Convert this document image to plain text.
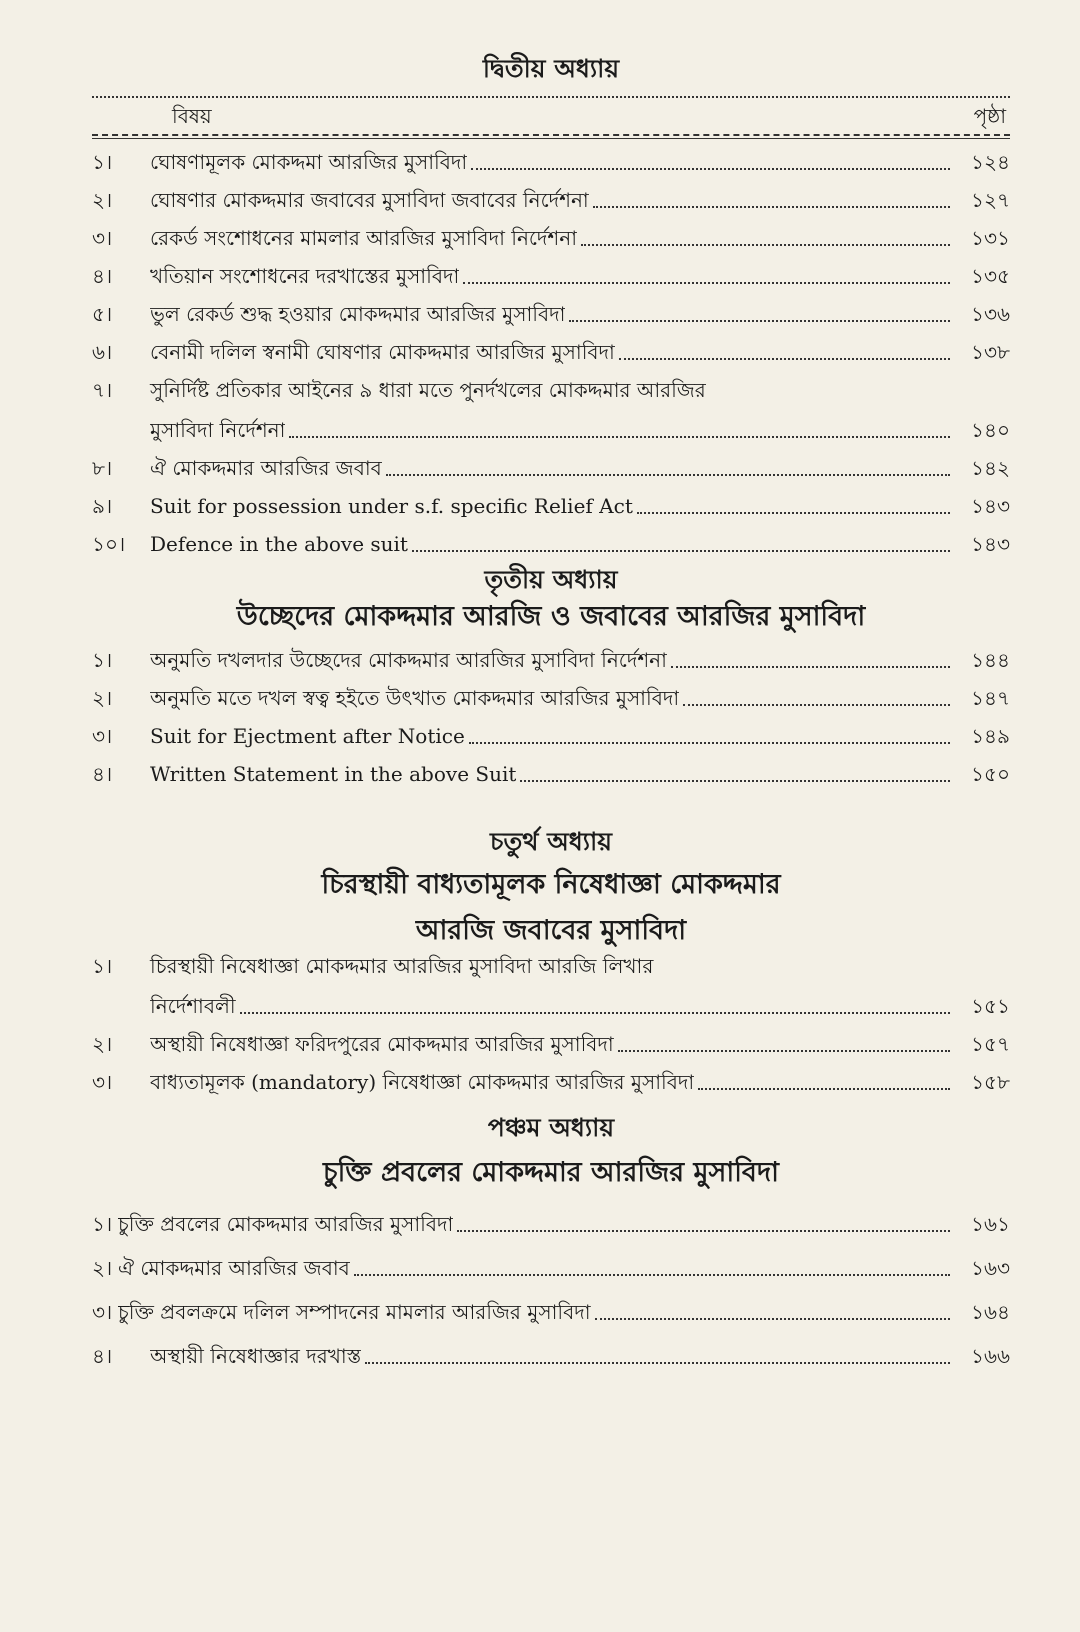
দ্বিতীয় অধ্যায়
বিষয়	পৃষ্ঠা
১।	ঘোষণামূলক মোকদ্দমা আরজির মুসাবিদা	১২৪
২।	ঘোষণার মোকদ্দমার জবাবের মুসাবিদা জবাবের নির্দেশনা	১২৭
৩।	রেকর্ড সংশোধনের মামলার আরজির মুসাবিদা নির্দেশনা	১৩১
৪।	খতিয়ান সংশোধনের দরখাস্তের মুসাবিদা	১৩৫
৫।	ভুল রেকর্ড শুদ্ধ হওয়ার মোকদ্দমার আরজির মুসাবিদা	১৩৬
৬।	বেনামী দলিল স্বনামী ঘোষণার মোকদ্দমার আরজির মুসাবিদা	১৩৮
৭।	সুনির্দিষ্ট প্রতিকার আইনের ৯ ধারা মতে পুনর্দখলের মোকদ্দমার আরজির
মুসাবিদা নির্দেশনা	১৪০
৮।	ঐ মোকদ্দমার আরজির জবাব	১৪২
৯।	Suit for possession under s.f. specific Relief Act	১৪৩
১০।	Defence in the above suit	১৪৩
তৃতীয় অধ্যায়
উচ্ছেদের মোকদ্দমার আরজি ও জবাবের আরজির মুসাবিদা
১।	অনুমতি দখলদার উচ্ছেদের মোকদ্দমার আরজির মুসাবিদা নির্দেশনা	১৪৪
২।	অনুমতি মতে দখল স্বত্ব হইতে উৎখাত মোকদ্দমার আরজির মুসাবিদা	১৪৭
৩।	Suit for Ejectment after Notice	১৪৯
৪।	Written Statement in the above Suit	১৫০
চতুর্থ অধ্যায়
চিরস্থায়ী বাধ্যতামূলক নিষেধাজ্ঞা মোকদ্দমার
আরজি জবাবের মুসাবিদা
১।	চিরস্থায়ী নিষেধাজ্ঞা মোকদ্দমার আরজির মুসাবিদা আরজি লিখার
নির্দেশাবলী	১৫১
২।	অস্থায়ী নিষেধাজ্ঞা ফরিদপুরের মোকদ্দমার আরজির মুসাবিদা	১৫৭
৩।	বাধ্যতামূলক (mandatory) নিষেধাজ্ঞা মোকদ্দমার আরজির মুসাবিদা	১৫৮
পঞ্চম অধ্যায়
চুক্তি প্রবলের মোকদ্দমার আরজির মুসাবিদা
১। চুক্তি প্রবলের মোকদ্দমার আরজির মুসাবিদা	১৬১
২। ঐ মোকদ্দমার আরজির জবাব	১৬৩
৩। চুক্তি প্রবলক্রমে দলিল সম্পাদনের মামলার আরজির মুসাবিদা	১৬৪
৪।	অস্থায়ী নিষেধাজ্ঞার দরখাস্ত	১৬৬
